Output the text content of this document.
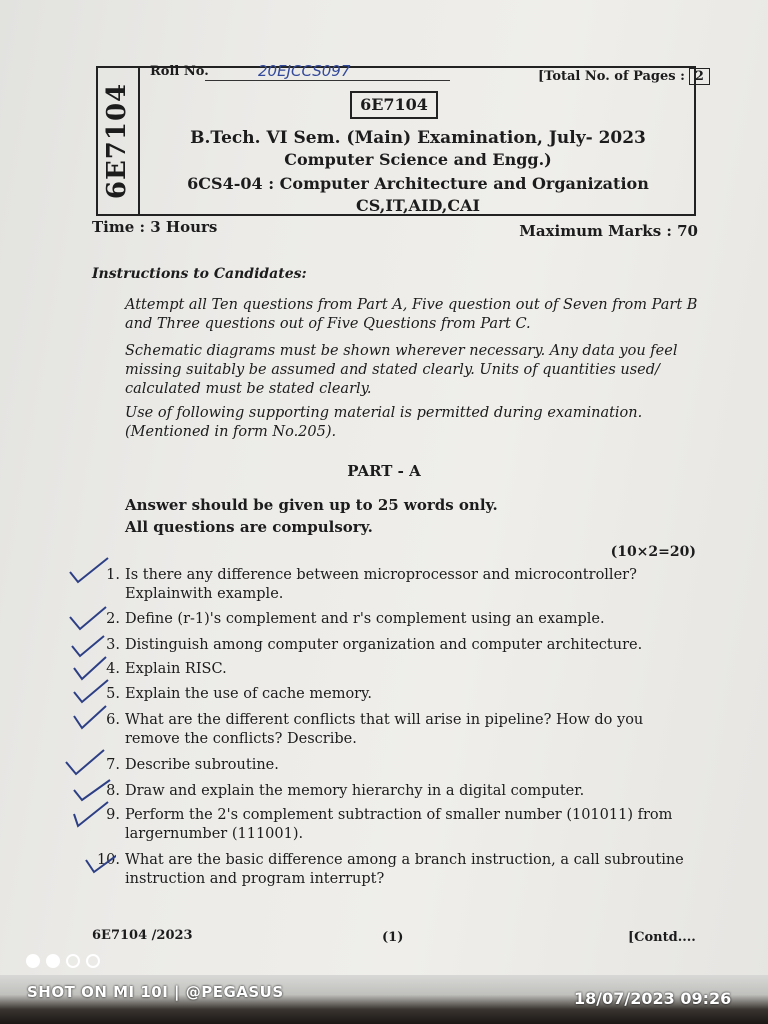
6E7104
Roll No.	20EJCCS097	[Total No. of Pages : 2
6E7104
B.Tech. VI Sem. (Main) Examination, July- 2023
Computer Science and Engg.)
6CS4-04 : Computer Architecture and Organization
CS,IT,AID,CAI
Time : 3 Hours	Maximum Marks : 70
Instructions to Candidates:
Attempt all Ten questions from Part A, Five question out of Seven from Part B and Three questions out of Five Questions from Part C.
Schematic diagrams must be shown wherever necessary. Any data you feel missing suitably be assumed and stated clearly. Units of quantities used/ calculated must be stated clearly.
Use of following supporting material is permitted during examination. (Mentioned in form No.205).
PART - A
Answer should be given up to 25 words only.
All questions are compulsory.
(10×2=20)
1. Is there any difference between microprocessor and microcontroller? Explainwith example.
2. Define (r-1)'s complement and r's complement using an example.
3. Distinguish among computer organization and computer architecture.
4. Explain RISC.
5. Explain the use of cache memory.
6. What are the different conflicts that will arise in pipeline? How do you remove the conflicts? Describe.
7. Describe subroutine.
8. Draw and explain the memory hierarchy in a digital computer.
9. Perform the 2's complement subtraction of smaller number (101011) from largernumber (111001).
10. What are the basic difference among a branch instruction, a call subroutine instruction and program interrupt?
6E7104 /2023	(1)	[Contd....
SHOT ON MI 10I | @PEGASUS	18/07/2023 09:26
